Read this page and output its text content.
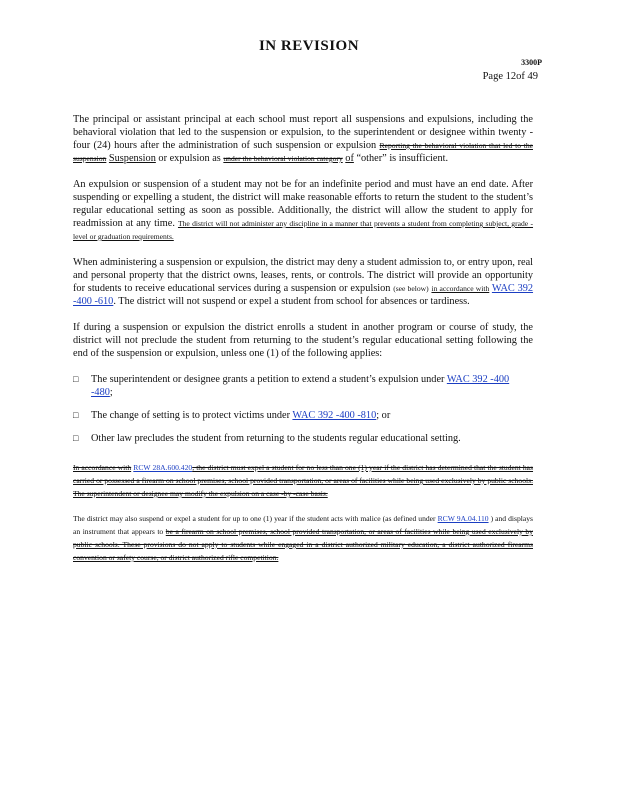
IN REVISION
3300P
Page 12of 49

The principal or assistant principal at each school must report all suspensions and expulsions, including the behavioral violation that led to the suspension or expulsion, to the superintendent or designee within twenty -four (24) hours after the administration of such suspension or expulsion Reporting the behavioral violation that led to the suspension Suspension or expulsion as under the behavioral violation category of “other” is insufficient.

An expulsion or suspension of a student may not be for an indefinite period and must have an end date. After suspending or expelling a student, the district will make reasonable efforts to return the student to the student’s regular educational setting as soon as possible. Additionally, the district will allow the student to apply for readmission at any time. The district will not administer any discipline in a manner that prevents a student from completing subject, grade -level or graduation requirements.

When administering a suspension or expulsion, the district may deny a student admission to, or entry upon, real and personal property that the district owns, leases, rents, or controls. The district will provide an opportunity for students to receive educational services during a suspension or expulsion (see below) in accordance with WAC 392 -400 -610. The district will not suspend or expel a student from school for absences or tardiness.

If during a suspension or expulsion the district enrolls a student in another program or course of study, the district will not preclude the student from returning to the student’s regular educational setting following the end of the suspension or expulsion, unless one (1) of the following applies:

□	The superintendent or designee grants a petition to extend a student’s expulsion under WAC 392 -400 -480;
□	The change of setting is to protect victims under WAC 392 -400 -810; or
□	Other law precludes the student from returning to the students regular educational setting.

In accordance with RCW 28A.600.420, the district must expel a student for no less than one (1) year if the district has determined that the student has carried or possessed a firearm on school premises, school provided transportation, or areas of facilities while being used exclusively by public schools. The superintendent or designee may modify the expulsion on a case -by -case basis.

The district may also suspend or expel a student for up to one (1) year if the student acts with malice (as defined under RCW 9A.04.110 ) and displays an instrument that appears to be a firearm on school premises, school provided transportation, or areas of facilities while being used exclusively by public schools. These provisions do not apply to students while engaged in a district authorized military education, a district authorized firearms convention or safety course, or district authorized rifle competition.
